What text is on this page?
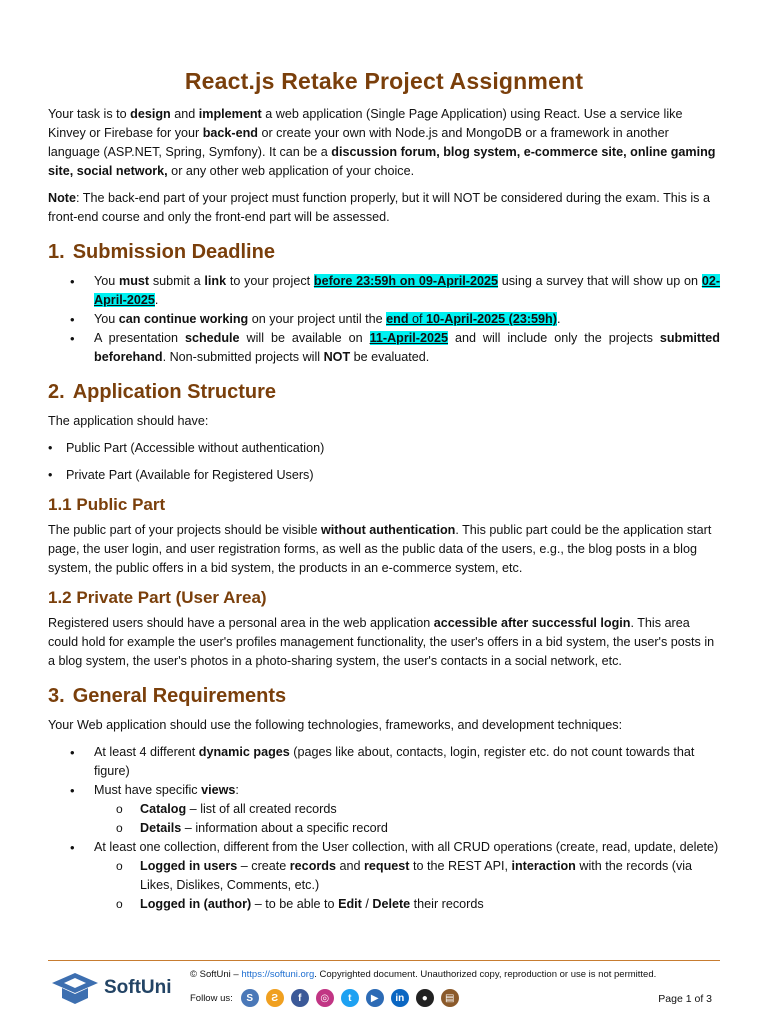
React.js Retake Project Assignment

Your task is to design and implement a web application (Single Page Application) using React. Use a service like Kinvey or Firebase for your back-end or create your own with Node.js and MongoDB or a framework in another language (ASP.NET, Spring, Symfony). It can be a discussion forum, blog system, e-commerce site, online gaming site, social network, or any other web application of your choice.

Note: The back-end part of your project must function properly, but it will NOT be considered during the exam. This is a front-end course and only the front-end part will be assessed.

1. Submission Deadline
• You must submit a link to your project before 23:59h on 09-April-2025 using a survey that will show up on 02-April-2025.
• You can continue working on your project until the end of 10-April-2025 (23:59h).
• A presentation schedule will be available on 11-April-2025 and will include only the projects submitted beforehand. Non-submitted projects will NOT be evaluated.
2. Application Structure

The application should have:

• Public Part (Accessible without authentication)
• Private Part (Available for Registered Users)
1.1 Public Part

The public part of your projects should be visible without authentication. This public part could be the application start page, the user login, and user registration forms, as well as the public data of the users, e.g., the blog posts in a blog system, the public offers in a bid system, the products in an e-commerce system, etc.

1.2 Private Part (User Area)

Registered users should have a personal area in the web application accessible after successful login. This area could hold for example the user's profiles management functionality, the user's offers in a bid system, the user's posts in a blog system, the user's photos in a photo-sharing system, the user's contacts in a social network, etc.

3. General Requirements

Your Web application should use the following technologies, frameworks, and development techniques:

• At least 4 different dynamic pages (pages like about, contacts, login, register etc. do not count towards that figure)
• Must have specific views:
o Catalog – list of all created records
o Details – information about a specific record
• At least one collection, different from the User collection, with all CRUD operations (create, read, update, delete)
o Logged in users – create records and request to the REST API, interaction with the records (via Likes, Dislikes, Comments, etc.)
o Logged in (author) – to be able to Edit / Delete their records
SoftUni
© SoftUni – https://softuni.org. Copyrighted document. Unauthorized copy, reproduction or use is not permitted.
Follow us:	S	Ƨ	f	◎	t	▶	in	●	▤	Page 1 of 3
